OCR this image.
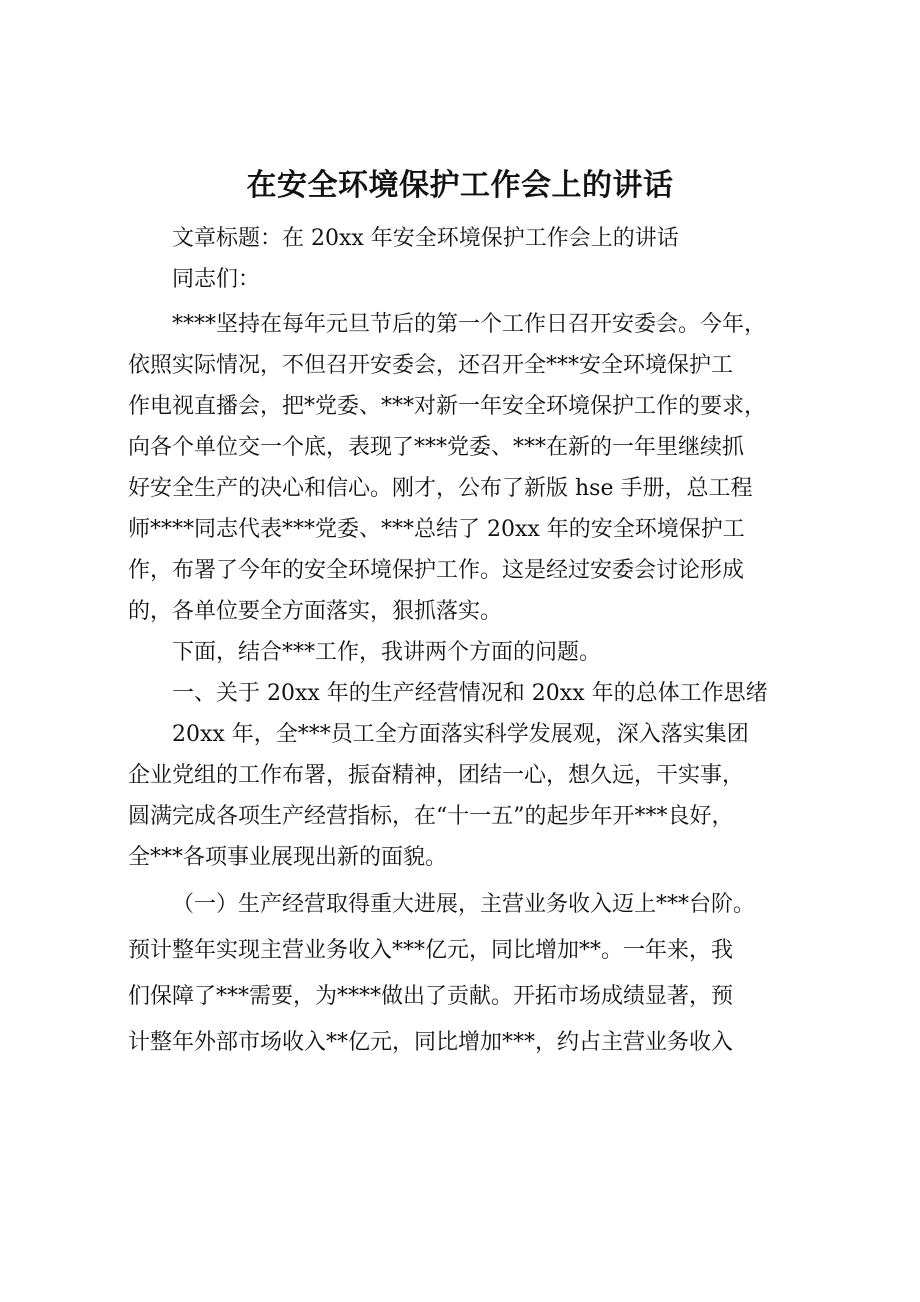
在安全环境保护工作会上的讲话

文章标题：在 20xx 年安全环境保护工作会上的讲话

同志们：

****坚持在每年元旦节后的第一个工作日召开安委会。今年，
依照实际情况，不但召开安委会，还召开全***安全环境保护工
作电视直播会，把*党委、***对新一年安全环境保护工作的要求，
向各个单位交一个底，表现了***党委、***在新的一年里继续抓
好安全生产的决心和信心。刚才，公布了新版 hse 手册，总工程
师****同志代表***党委、***总结了 20xx 年的安全环境保护工
作，布署了今年的安全环境保护工作。这是经过安委会讨论形成
的，各单位要全方面落实，狠抓落实。

下面，结合***工作，我讲两个方面的问题。

一、关于 20xx 年的生产经营情况和 20xx 年的总体工作思绪

20xx 年，全***员工全方面落实科学发展观，深入落实集团
企业党组的工作布署，振奋精神，团结一心，想久远，干实事，
圆满完成各项生产经营指标，在“十一五”的起步年开***良好，
全***各项事业展现出新的面貌。

（一）生产经营取得重大进展，主营业务收入迈上***台阶。
预计整年实现主营业务收入***亿元，同比增加**。一年来，我
们保障了***需要，为****做出了贡献。开拓市场成绩显著，预
计整年外部市场收入**亿元，同比增加***，约占主营业务收入
